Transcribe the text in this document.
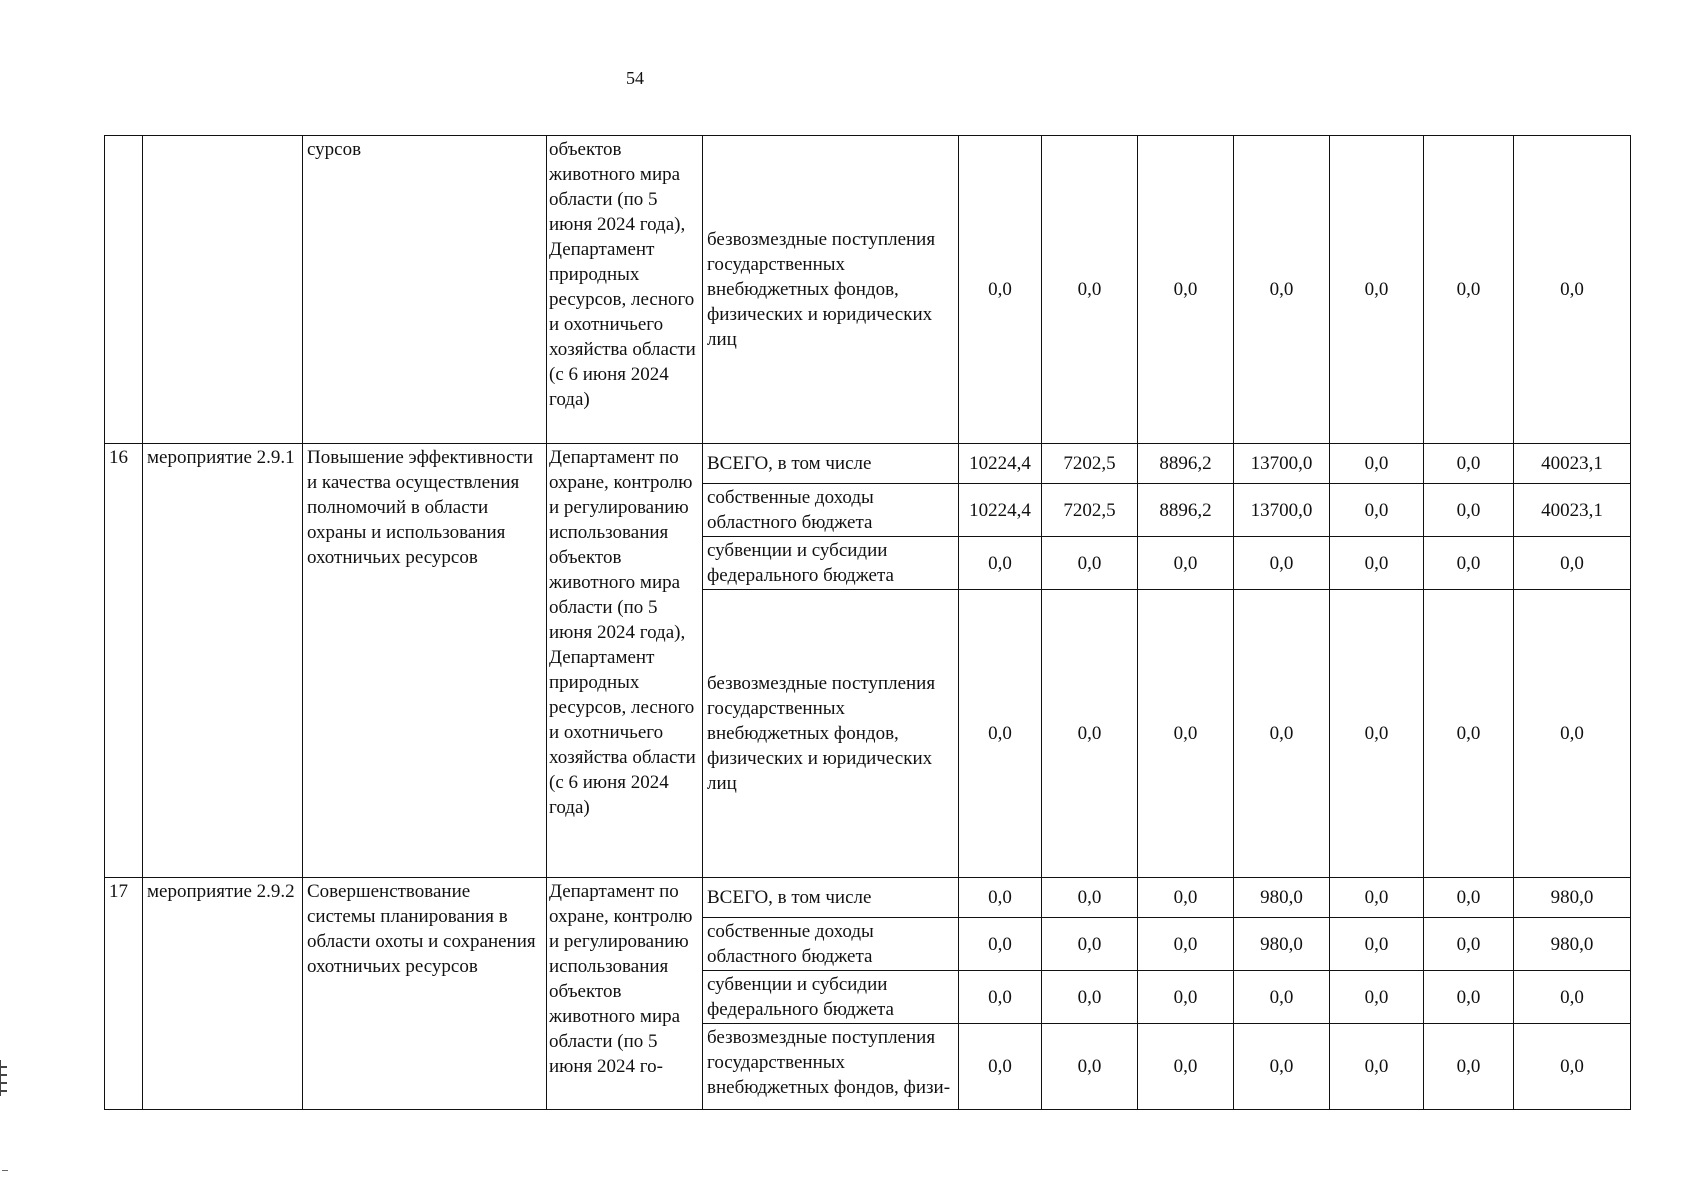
54
		сурсов	объектов животного мира области (по 5 июня 2024 года), Департамент природных ресурсов, лесного и охотничьего хозяйства области (с 6 июня 2024 года)	безвозмездные поступления государственных внебюджетных фондов, физических и юридических лиц	0,0	0,0	0,0	0,0	0,0	0,0	0,0
16	мероприятие 2.9.1	Повышение эффективности и качества осуществления полномочий в области охраны и использования охотничьих ресурсов	Департамент по охране, контролю и регулированию использования объектов животного мира области (по 5 июня 2024 года), Департамент природных ресурсов, лесного и охотничьего хозяйства области (с 6 июня 2024 года)	ВСЕГО, в том числе	10224,4	7202,5	8896,2	13700,0	0,0	0,0	40023,1
				собственные доходы областного бюджета	10224,4	7202,5	8896,2	13700,0	0,0	0,0	40023,1
				субвенции и субсидии федерального бюджета	0,0	0,0	0,0	0,0	0,0	0,0	0,0
				безвозмездные поступления государственных внебюджетных фондов, физических и юридических лиц	0,0	0,0	0,0	0,0	0,0	0,0	0,0
17	мероприятие 2.9.2	Совершенствование системы планирования в области охоты и сохранения охотничьих ресурсов	Департамент по охране, контролю и регулированию использования объектов животного мира области (по 5 июня 2024 го-	ВСЕГО, в том числе	0,0	0,0	0,0	980,0	0,0	0,0	980,0
				собственные доходы областного бюджета	0,0	0,0	0,0	980,0	0,0	0,0	980,0
				субвенции и субсидии федерального бюджета	0,0	0,0	0,0	0,0	0,0	0,0	0,0
				безвозмездные поступления государственных внебюджетных фондов, физи-	0,0	0,0	0,0	0,0	0,0	0,0	0,0
